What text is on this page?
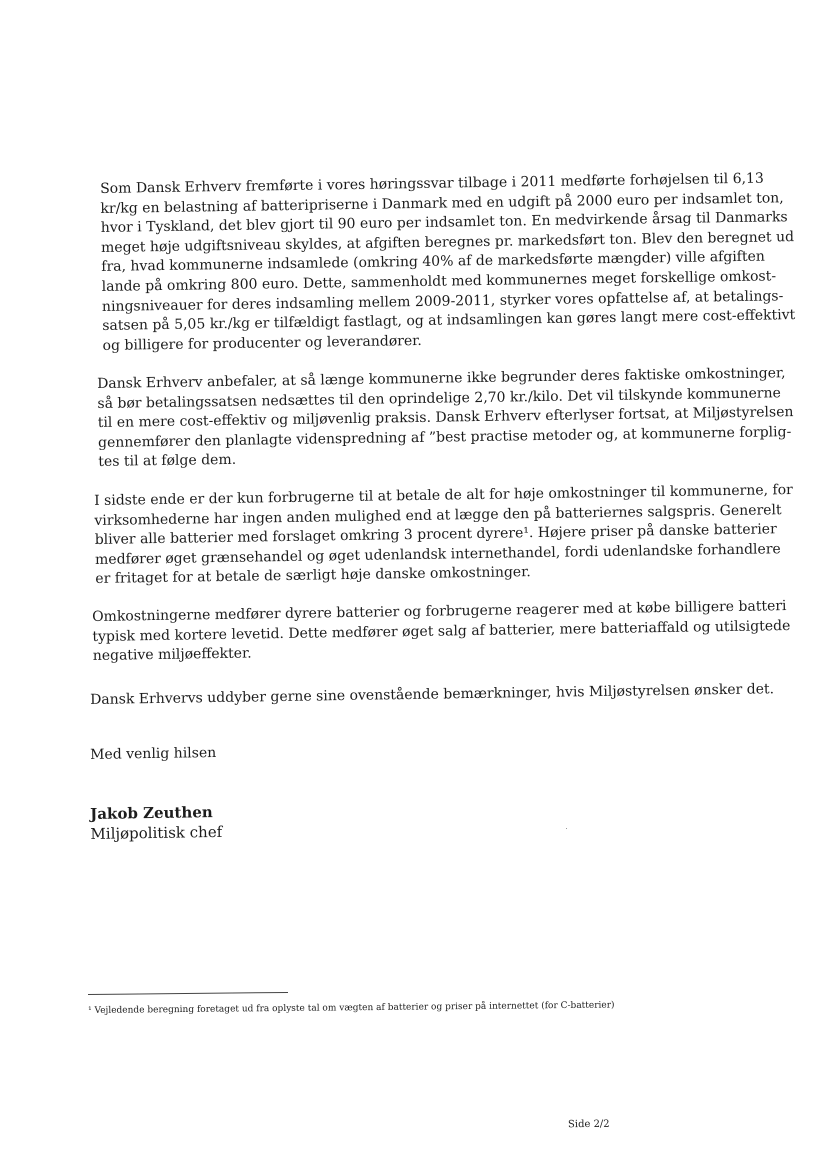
Som Dansk Erhverv fremførte i vores høringssvar tilbage i 2011 medførte forhøjelsen til 6,13
kr/kg en belastning af batteripriserne i Danmark med en udgift på 2000 euro per indsamlet ton,
hvor i Tyskland, det blev gjort til 90 euro per indsamlet ton. En medvirkende årsag til Danmarks
meget høje udgiftsniveau skyldes, at afgiften beregnes pr. markedsført ton. Blev den beregnet ud
fra, hvad kommunerne indsamlede (omkring 40% af de markedsførte mængder) ville afgiften
lande på omkring 800 euro. Dette, sammenholdt med kommunernes meget forskellige omkost-
ningsniveauer for deres indsamling mellem 2009-2011, styrker vores opfattelse af, at betalings-
satsen på 5,05 kr./kg er tilfældigt fastlagt, og at indsamlingen kan gøres langt mere cost-effektivt
og billigere for producenter og leverandører.

Dansk Erhverv anbefaler, at så længe kommunerne ikke begrunder deres faktiske omkostninger,
så bør betalingssatsen nedsættes til den oprindelige 2,70 kr./kilo. Det vil tilskynde kommunerne
til en mere cost-effektiv og miljøvenlig praksis. Dansk Erhverv efterlyser fortsat, at Miljøstyrelsen
gennemfører den planlagte videnspredning af ”best practise metoder og, at kommunerne forplig-
tes til at følge dem.

I sidste ende er der kun forbrugerne til at betale de alt for høje omkostninger til kommunerne, for
virksomhederne har ingen anden mulighed end at lægge den på batteriernes salgspris. Generelt
bliver alle batterier med forslaget omkring 3 procent dyrere¹. Højere priser på danske batterier
medfører øget grænsehandel og øget udenlandsk internethandel, fordi udenlandske forhandlere
er fritaget for at betale de særligt høje danske omkostninger.

Omkostningerne medfører dyrere batterier og forbrugerne reagerer med at købe billigere batteri
typisk med kortere levetid. Dette medfører øget salg af batterier, mere batteriaffald og utilsigtede
negative miljøeffekter.

Dansk Erhvervs uddyber gerne sine ovenstående bemærkninger, hvis Miljøstyrelsen ønsker det.

Med venlig hilsen

Jakob Zeuthen
Miljøpolitisk chef
¹ Vejledende beregning foretaget ud fra oplyste tal om vægten af batterier og priser på internettet (for C-batterier)
Side 2/2
